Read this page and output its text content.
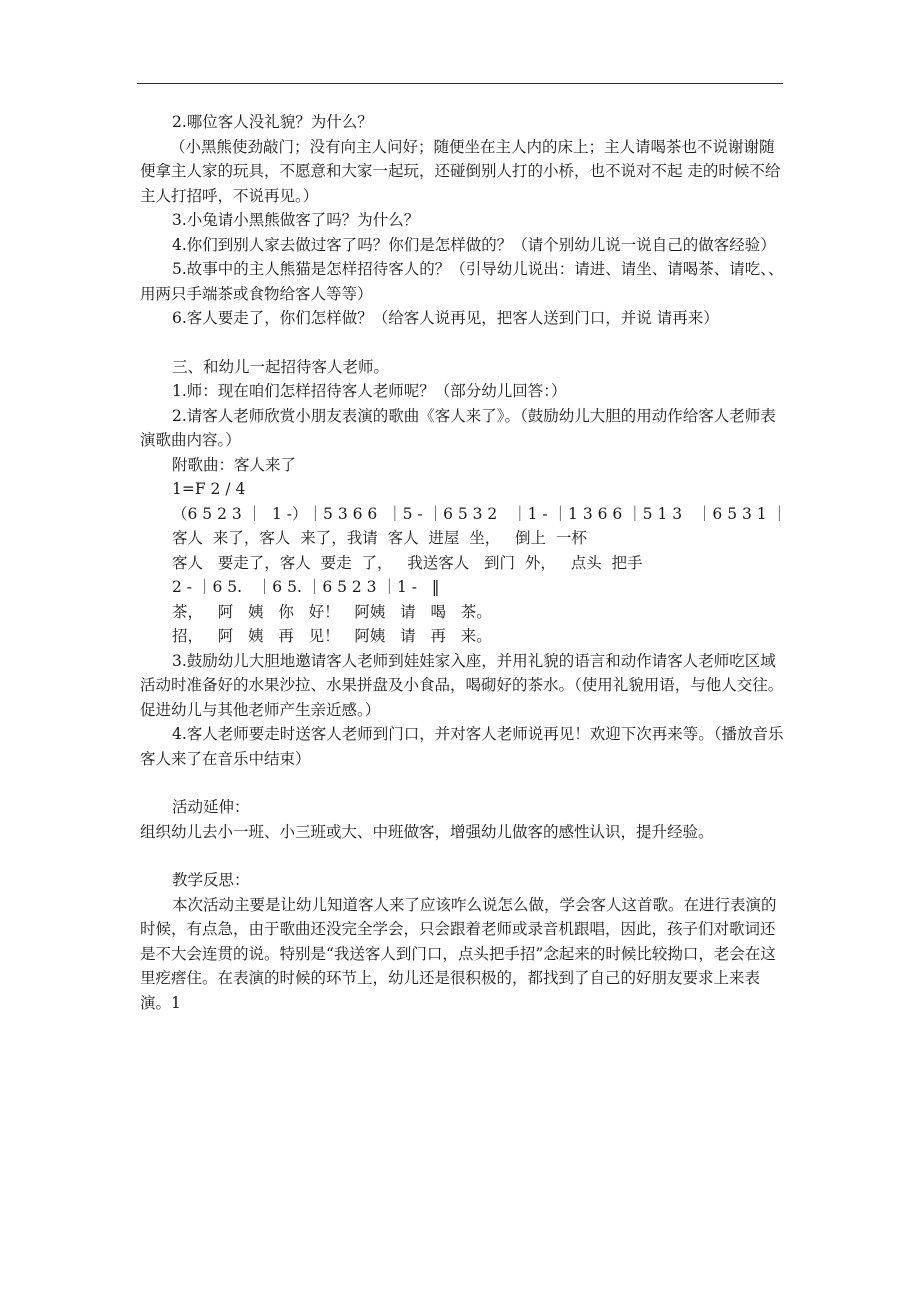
2.哪位客人没礼貌？为什么？

（小黑熊使劲敲门；没有向主人问好；随便坐在主人内的床上；主人请喝茶也不说谢谢随便拿主人家的玩具，不愿意和大家一起玩，还碰倒别人打的小桥，也不说对不起 走的时候不给主人打招呼，不说再见。）

3.小兔请小黑熊做客了吗？为什么？

4.你们到别人家去做过客了吗？你们是怎样做的？（请个别幼儿说一说自己的做客经验）

5.故事中的主人熊猫是怎样招待客人的？（引导幼儿说出：请进、请坐、请喝茶、请吃、、用两只手端茶或食物给客人等等）

6.客人要走了，你们怎样做？（给客人说再见，把客人送到门口，并说 请再来）

三、和幼儿一起招待客人老师。

1.师：现在咱们怎样招待客人老师呢？（部分幼儿回答：）

2.请客人老师欣赏小朋友表演的歌曲《客人来了》。（鼓励幼儿大胆的用动作给客人老师表演歌曲内容。）

附歌曲：客人来了

1=F 2 / 4

（6 5 2 3 ｜  1 -）｜5 3 6 6  ｜5 - ｜6 5 3 2   ｜1 - ｜1 3 6 6 ｜5 1 3   ｜6 5 3 1 ｜

客人  来了，客人  来了，我请  客人  进屋  坐，   倒上  一杯

客人   要走了，客人  要走  了，   我送客人   到门  外，   点头  把手

2 - ｜6 5.   ｜6 5. ｜6 5 2 3 ｜1 -   ‖

茶，   阿   姨   你   好！   阿姨   请   喝   茶。

招，   阿   姨   再   见！   阿姨   请   再   来。

3.鼓励幼儿大胆地邀请客人老师到娃娃家入座，并用礼貌的语言和动作请客人老师吃区域活动时准备好的水果沙拉、水果拼盘及小食品，喝砌好的茶水。（使用礼貌用语，与他人交往。促进幼儿与其他老师产生亲近感。）

4.客人老师要走时送客人老师到门口，并对客人老师说再见！欢迎下次再来等。（播放音乐客人来了在音乐中结束）

活动延伸：

组织幼儿去小一班、小三班或大、中班做客，增强幼儿做客的感性认识，提升经验。

教学反思：

本次活动主要是让幼儿知道客人来了应该咋么说怎么做，学会客人这首歌。在进行表演的时候，有点急，由于歌曲还没完全学会，只会跟着老师或录音机跟唱，因此，孩子们对歌词还是不大会连贯的说。特别是“我送客人到门口，点头把手招”念起来的时候比较拗口，老会在这里疙瘩住。在表演的时候的环节上，幼儿还是很积极的，都找到了自己的好朋友要求上来表演。1
